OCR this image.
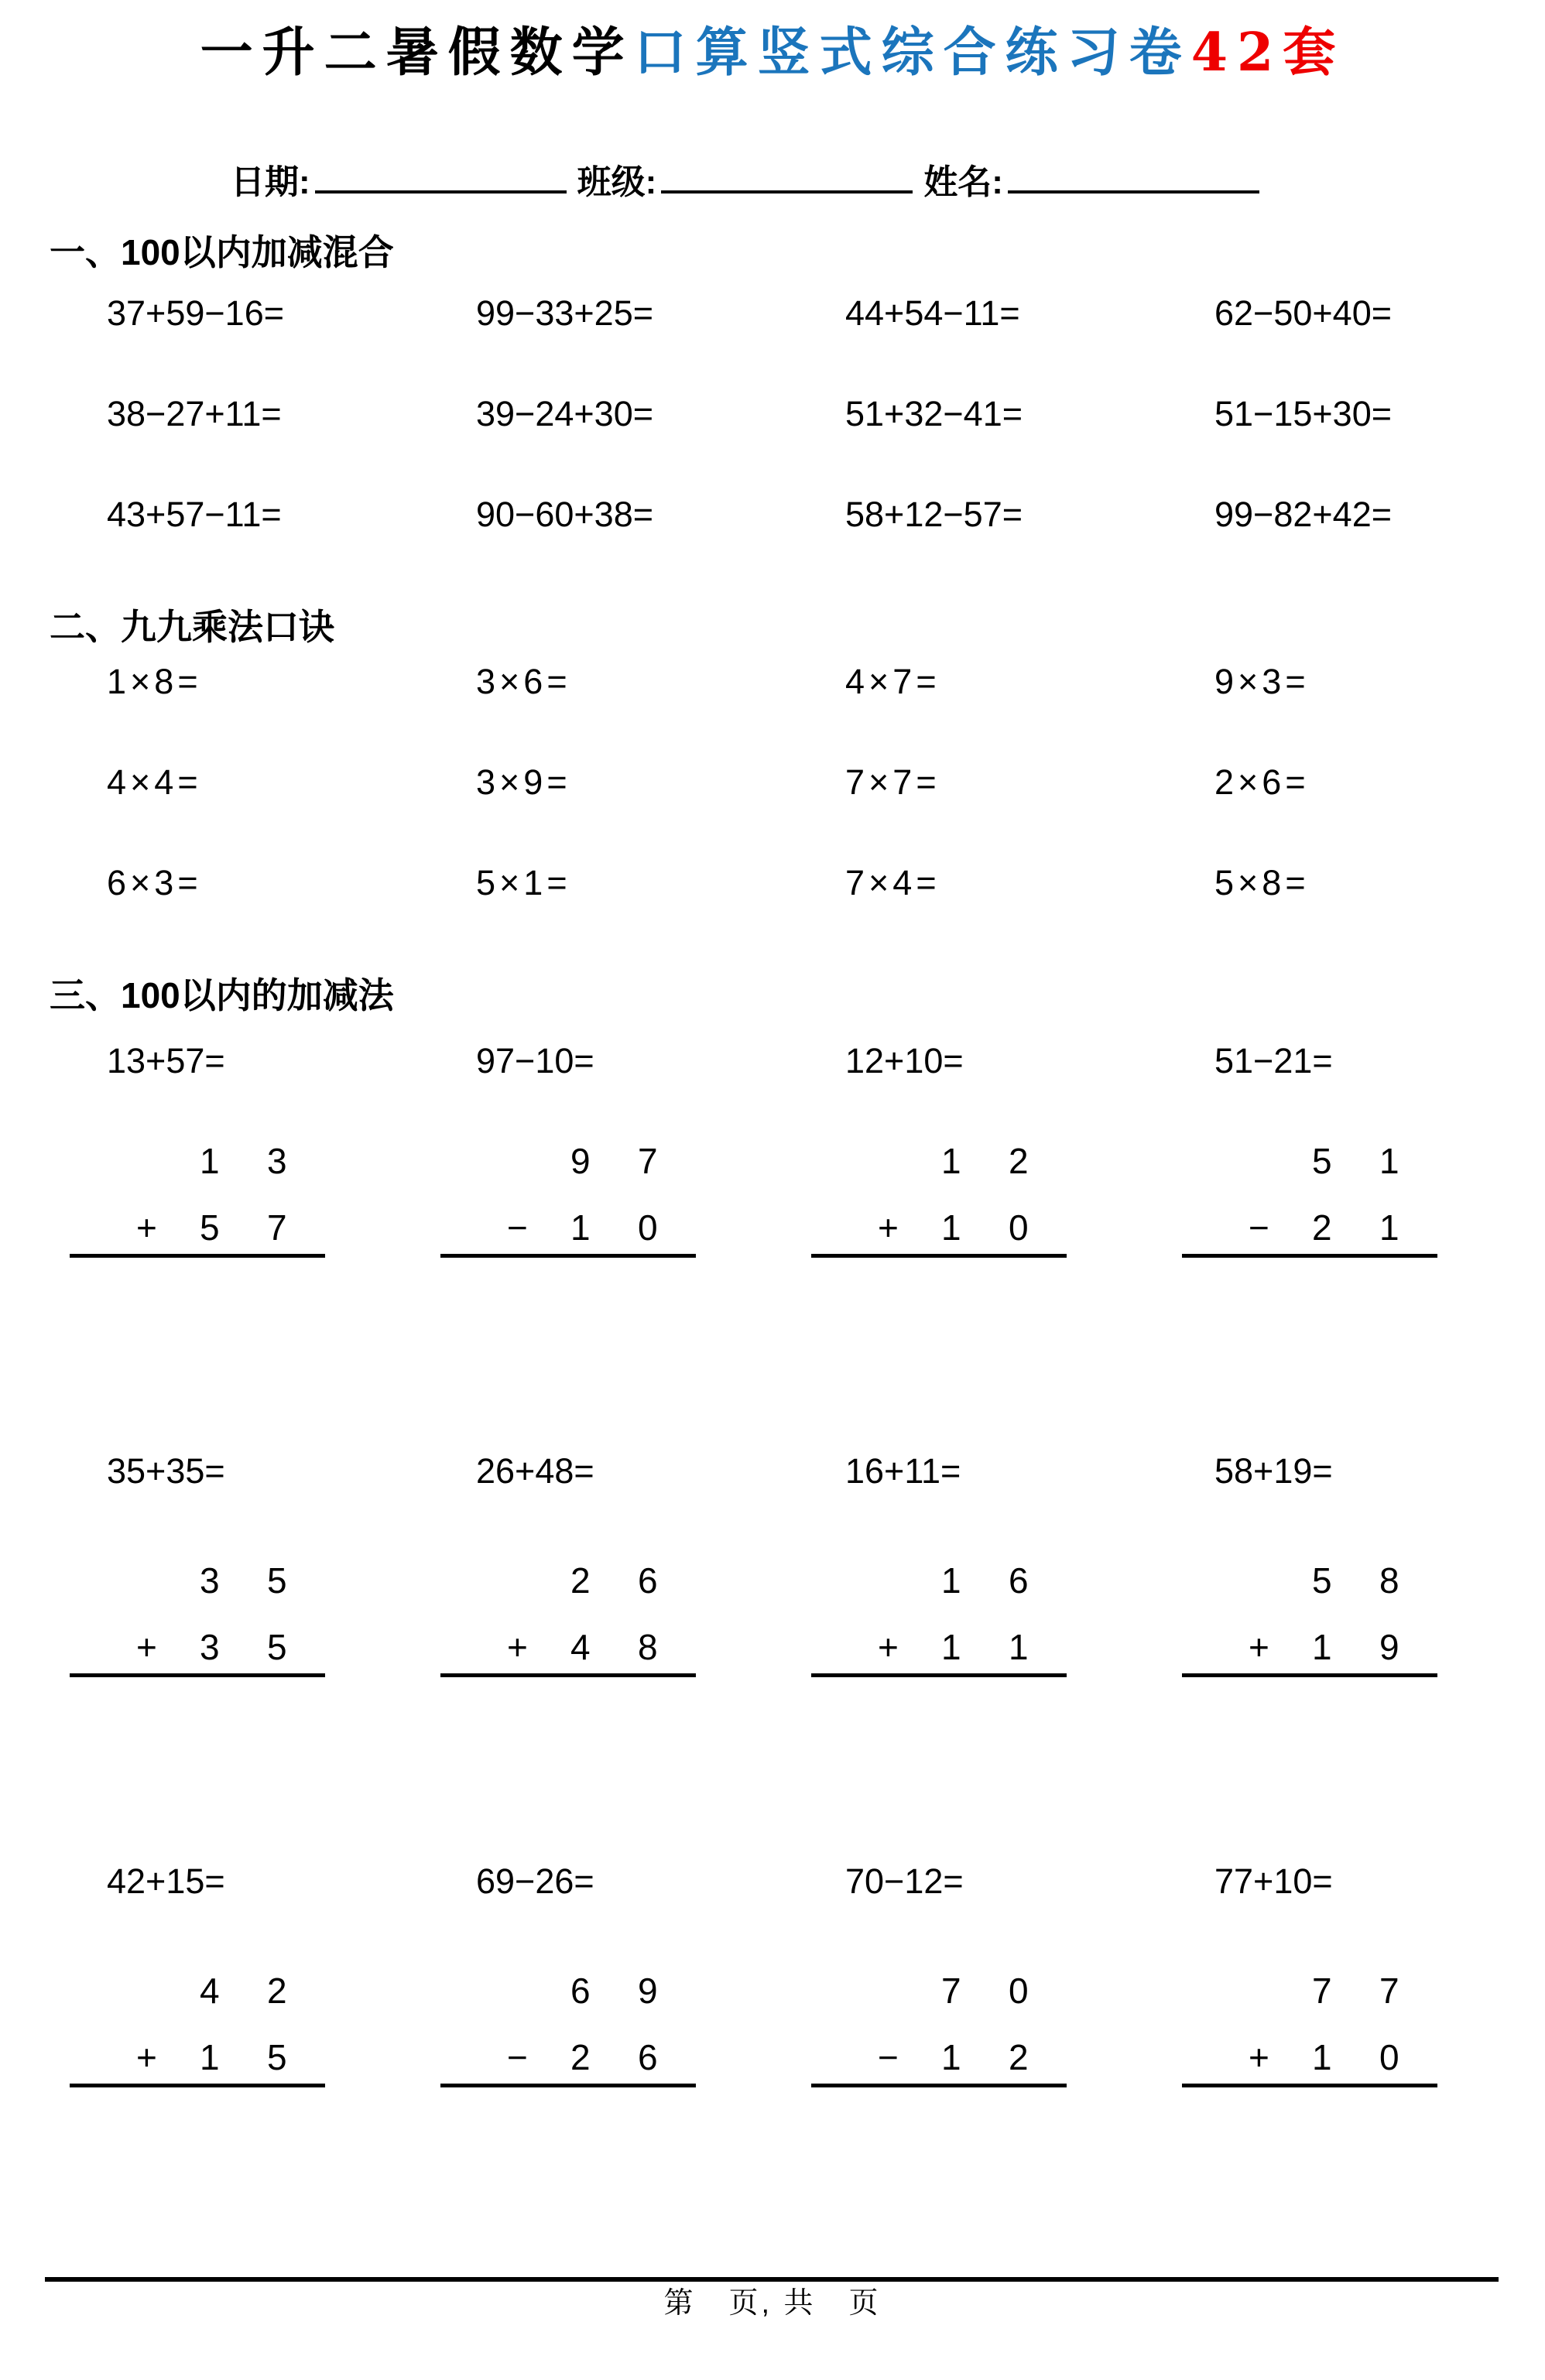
一升二暑假数学口算竖式综合练习卷42套
日期:	班级:	姓名:
一、100以内加减混合
37+59−16=	99−33+25=	44+54−11=	62−50+40=
38−27+11=	39−24+30=	51+32−41=	51−15+30=
43+57−11=	90−60+38=	58+12−57=	99−82+42=
二、九九乘法口诀
1×8=	3×6=	4×7=	9×3=
4×4=	3×9=	7×7=	2×6=
6×3=	5×1=	7×4=	5×8=
三、100以内的加减法
13+57=	97−10=	12+10=	51−21=
1 3
+ 5 7
9 7
− 1 0
1 2
+ 1 0
5 1
− 2 1
35+35=	26+48=	16+11=	58+19=
3 5
+ 3 5
2 6
+ 4 8
1 6
+ 1 1
5 8
+ 1 9
42+15=	69−26=	70−12=	77+10=
4 2
+ 1 5
6 9
− 2 6
7 0
− 1 2
7 7
+ 1 0
第　页, 共　页
